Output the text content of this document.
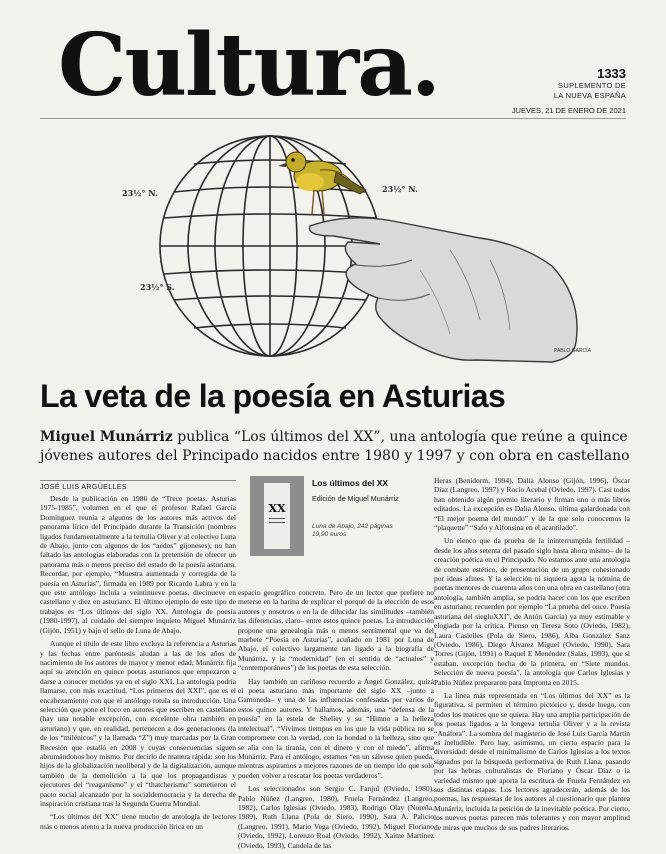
Cultura.	1333
SUPLEMENTO DE
LA NUEVA ESPAÑA
JUEVES, 21 DE ENERO DE 2021
23½° N.	23½° N.
23½° S.
PABLO GARCÍA
La veta de la poesía en Asturias
Miguel Munárriz publica “Los últimos del XX”, una antología que reúne a quince jóvenes autores del Principado nacidos entre 1980 y 1997 y con obra en castellano
JOSÉ LUIS ARGÜELLES
XX
Los últimos del XX
Edición de Miguel Munárriz
Luna de Abajo, 242 páginas
19,90 euros

Desde la publicación en 1986 de “Trece poetas. Asturias 1975-1985”, volumen en el que el profesor Rafael García Domínguez reunía a algunos de los autores más activos del panorama lírico del Principado durante la Transición (nombres ligados fundamentalmente a la tertulia Oliver y al colectivo Luna de Abajo, junto con algunos de los “aedos” gijoneses), no han faltado las antologías elaboradas con la pretensión de ofrecer un panorama más o menos preciso del estado de la poesía asturiana. Recordar, por ejemplo, “Muestra aumentada y corregida de la poesía en Asturias”, firmada en 1989 por Ricardo Labra y en la que este antólogo incluía a veintinueve poetas, diecinueve en castellano y diez en asturiano. El último ejemplo de este tipo de trabajos es “Los últimos del siglo XX. Antología de poesía (1980-1997), al cuidado del siempre inquieto Miguel Munárriz (Gijón, 1951) y bajo el sello de Luna de Abajo.

Aunque el título de este libro excluya la referencia a Asturias y las fechas entre paréntesis aludan a las de los años de nacimiento de los autores de mayor y menor edad, Munárriz fija aquí su atención en quince poetas asturianos que empezaron a darse a conocer metidos ya en el siglo XXI. La antología podría llamarse, con más exactitud, “Los primeros del XXI”, que es el encabezamiento con que el antólogo rotula su introducción. Una selección que pone el foco en autores que escriben en castellano (hay una notable excepción, con excelente obra también en asturiano) y que, en realidad, pertenecen a dos generaciones (la de los “milénicos” y la llamada “Z”) muy marcadas por la Gran Recesión que estalló en 2008 y cuyas consecuencias siguen abrumándonos hoy mismo. Por decirlo de manera rápida: son los hijos de la globalización neoliberal y de la digitalización, aunque también de la demolición a la que los propagandistas y ejecutores del “reaganismo” y el “thatcherismo” sometieron el pacto social alcanzado por la socialdemocracia y la derecha de inspiración cristiana tras la Segunda Guerra Mundial.

“Los últimos del XX” tiene mucho de antología de lectores más o menos atento a la nueva producción lírica en un

espacio geográfico concreto. Pero de un lector que prefiere no meterse en la harina de explicar el porqué de la elección de esos autores y nosotros o en la de dilucidar las similitudes –también las diferencias, claro– entre estos quince poetas. La introducción propone una genealogía más o menos sentimental que va del marbete “Poesía en Asturias”, acuñado en 1981 por Luna de Abajo, el colectivo largamente tan ligado a la biografía de Munárriz, y la “modernidad” (en el sentido de “actuales” y “contemporáneos”) de los poetas de esta selección.

Hay también un cariñoso recuerdo a Ángel González, quizá el poeta asturiano más importante del siglo XX –junto a Gamoneda– y una de las influencias confesadas por varios de estos quince autores. Y hallamos, además, una “defensa de la poesía” en la estela de Shelley y su “Himno a la belleza intelectual”. “Vivimos tiempos en los que la vida pública no se compromete con la verdad, con la bondad o la belleza, sino que se alía con la tiranía, con el dinero y con el miedo”, afirma Munárriz. Para el antólogo, estamos “en un sálvese quien pueda, mientras aspiramos a mejores razones de un tiempo ido que solo pueden volver a rescatar los poetas verdaderos”.

Los seleccionados son Sergio C. Fanjul (Oviedo, 1980), Pablo Núñez (Langreo, 1980), Fruela Fernández (Langreo, 1982), Carlos Iglesias (Oviedo, 1983), Rodrigo Olay (Noreña, 1989), Ruth Llana (Pola de Siero, 1990), Sara A. Palicio (Langreo, 1991), Mario Vega (Oviedo, 1992), Miguel Floriano (Oviedo, 1992), Lorenzo Roal (Oviedo, 1992), Xaime Martínez (Oviedo, 1993), Candela de las

Heras (Benidorm, 1994), Dalia Alonso (Gijón, 1996), Óscar Díaz (Langreo, 1997) y Rocío Acebal (Oviedo, 1997). Casi todos han obtenido algún premio literario y firman uno o más libros editados. La excepción es Dalia Alonso, última galardonada con “El mejor poema del mundo” y de la que solo conocemos la “plaquette” “Safo y Alfonsina en el acantilado”.

Un elenco que da prueba de la ininterrumpida fertilidad –desde los años setenta del pasado siglo hasta ahora mismo– de la creación poética en el Principado. No estamos ante una antología de combate estético, de presentación de un grupo cohesionado por ideas afines. Y la selección ni siquiera agota la nómina de poetas menores de cuarenta años con una obra en castellano (otra antología, también amplia, se podría hacer con los que escriben en asturiano; recuerden por ejemplo “La prueba del once. Poesía asturiana del siegluXXI”, de Antón García) ya muy estimable y elogiada por la crítica. Pienso en Teresa Soto (Oviedo, 1982), Laura Casielles (Pola de Siero, 1986), Alba González Sanz (Oviedo, 1986), Diego Álvarez Miguel (Oviedo, 1990), Sara Torres (Gijón, 1991) o Raquel E Menéndez (Salas, 1993), que si estaban, excepción hecha de la primera, en “Siete mundos. Selección de nueva poesía”, la antología que Carlos Iglesias y Pablo Núñez prepararon para Impronta en 2015.

La línea más representada en “Los últimos del XX” es la figurativa, si permiten el término pictórico y, desde luego, con todos los matices que se quiera. Hay una amplia participación de los poetas ligados a la longeva tertulia Oliver y a la revista “Anáfora”. La sombra del magisterio de José Luis García Martín es ineludible. Pero hay, asimismo, un cierto espacio para la diversidad: desde el minimalismo de Carlos Iglesias a los textos signados por la búsqueda performativa de Ruth Llana, pasando por las hebras culturalistas de Floriano y Óscar Díaz o la variedad mismo que aporta la escritura de Fruela Fernández en sus distintas etapas. Los lectores agradecerán, además de los poemas, las respuestas de los autores al cuestionario que plantea Munárriz, incluida la petición de la inevitable poética. Por cierto, los nuevos poetas parecen más tolerantes y con mayor amplitud de miras que muchos de sus padres literarios.
